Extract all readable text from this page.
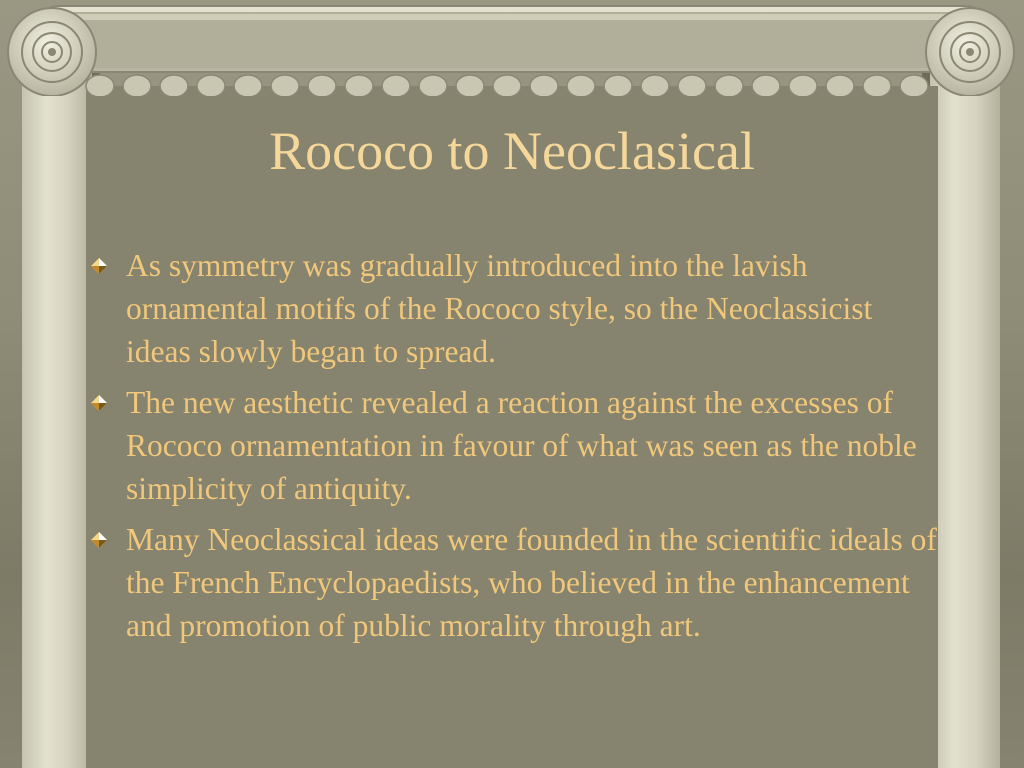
Rococo to Neoclasical
As symmetry was gradually introduced into the lavish ornamental motifs of the Rococo style, so the Neoclassicist ideas slowly began to spread.
The new aesthetic revealed a reaction against the excesses of Rococo ornamentation in favour of what was seen as the noble simplicity of antiquity.
Many Neoclassical ideas were founded in the scientific ideals of the French Encyclopaedists, who believed in the enhancement and promotion of public morality through art.
